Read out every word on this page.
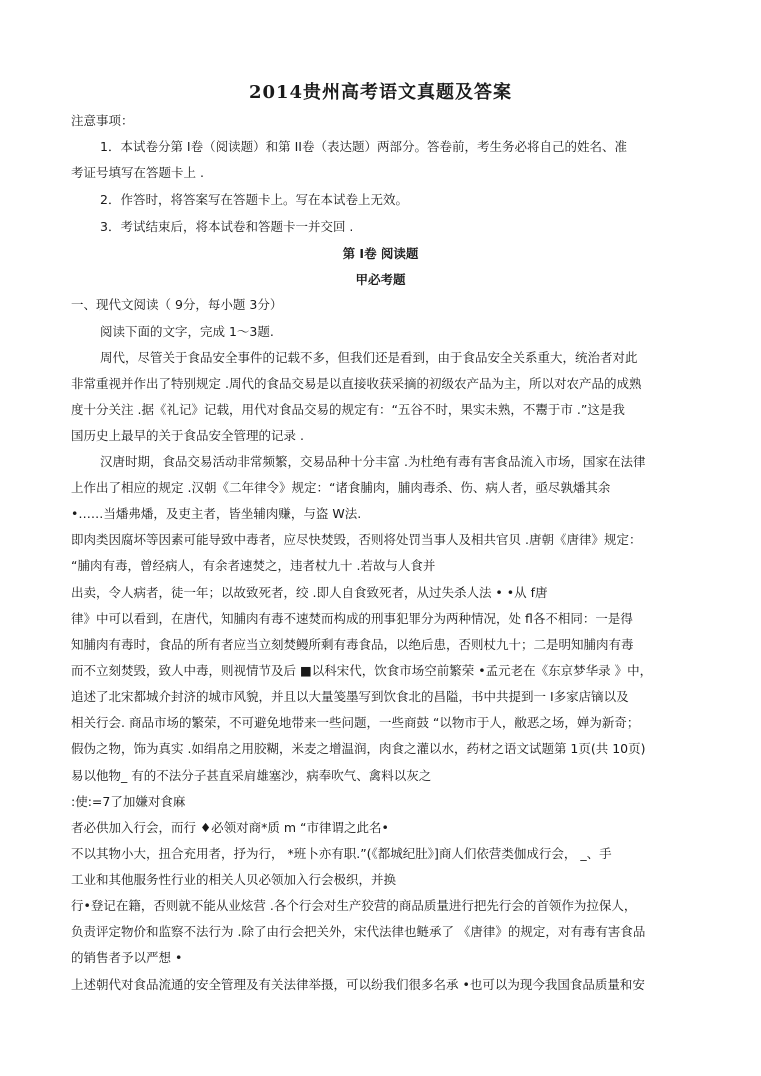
2014贵州高考语文真题及答案
注意事项：
1．本试卷分第 I卷（阅读题）和第 II卷（表达题）两部分。答卷前，考生务必将自己的姓名、准
考证号填写在答题卡上 .
2．作答时，将答案写在答题卡上。写在本试卷上无效。
3．考试结束后，将本试卷和答题卡一并交回 .
第 I卷 阅读题
甲必考题
一、现代文阅读（ 9分，每小题 3分）
阅读下面的文字，完成 1～3题.
周代，尽管关于食品安全事件的记载不多，但我们还是看到，由于食品安全关系重大，统治者对此
非常重视并作出了特别规定 .周代的食品交易是以直接收获采摘的初级农产品为主，所以对农产品的成熟
度十分关注 .据《礼记》记载，用代对食品交易的规定有：“五谷不时，果实未熟，不鬻于市 .”这是我
国历史上最早的关于食品安全管理的记录 .
汉唐时期，食品交易活动非常频繁，交易品种十分丰富 .为杜绝有毒有害食品流入市场，国家在法律
上作出了相应的规定 .汉朝《二年律令》规定：“诸食脯肉，脯肉毒杀、伤、病人者，亟尽孰燔其余
•……当燔弗燔，及吏主者，皆坐辅肉赚，与盗 W法.
即肉类因腐坏等因素可能导致中毒者，应尽快焚毁，否则将处罚当事人及相共官贝 .唐朝《唐律》规定：
“脯肉有毒，曾经病人，有余者速焚之，违者杖九十 .若故与人食并
出卖，令人病者，徒一年；以故致死者，绞 .即人自食致死者，从过失杀人法 • •从 f唐
律》中可以看到，在唐代，知脯肉有毒不速焚而构成的刑事犯罪分为两种情况，处 fl各不相同：一是得
知脯肉有毒时，食品的所有者应当立刻焚鳗所剩有毒食品，以绝后患，否则杖九十；二是明知脯肉有毒
而不立刻焚毁，致人中毒，则视情节及后 ■以科宋代，饮食市场空前繁荣 •孟元老在《东京梦华录 》中，
追述了北宋都城介封济的城市风貌，并且以大量笺墨写到饮食北的昌隘，书中共提到一 I多家店镝以及
相关行会. 商品市场的繁荣，不可避免地带来一些问题，一些商鼓 “以物市于人，敝恶之场，婵为新奇；
假伪之物，饰为真实 .如绢帛之用胶糊，米麦之增温润，肉食之灌以水，药材之语文试题第 1页(共 10页)
易以他物_ 有的不法分子甚直采肩雄塞沙，病奉吹气、禽料以灰之
:使:=7了加嫌对食麻
者必供加入行会，而行 ♦必领对商*质 m “市律谓之此名•
不以其物小大，扭合充用者，抒为行， *班卜亦有职.”(《都城纪肚》]商人们依营类伽成行会， _、手
工业和其他服务性行业的相关人贝必领加入行会极织，并换
行•登记在籍，否则就不能从业炫营 .各个行会对生产狡营的商品质量进行把先行会的首领作为拉保人，
负责评定物价和监察不法行为 .除了由行会把关外，宋代法律也鲢承了 《唐律》的规定，对有毒有害食品
的销售者予以严想 •
上述朝代对食品流通的安全管理及有关法律举摄，可以纷我们很多名承 •也可以为现今我国食品质量和安
